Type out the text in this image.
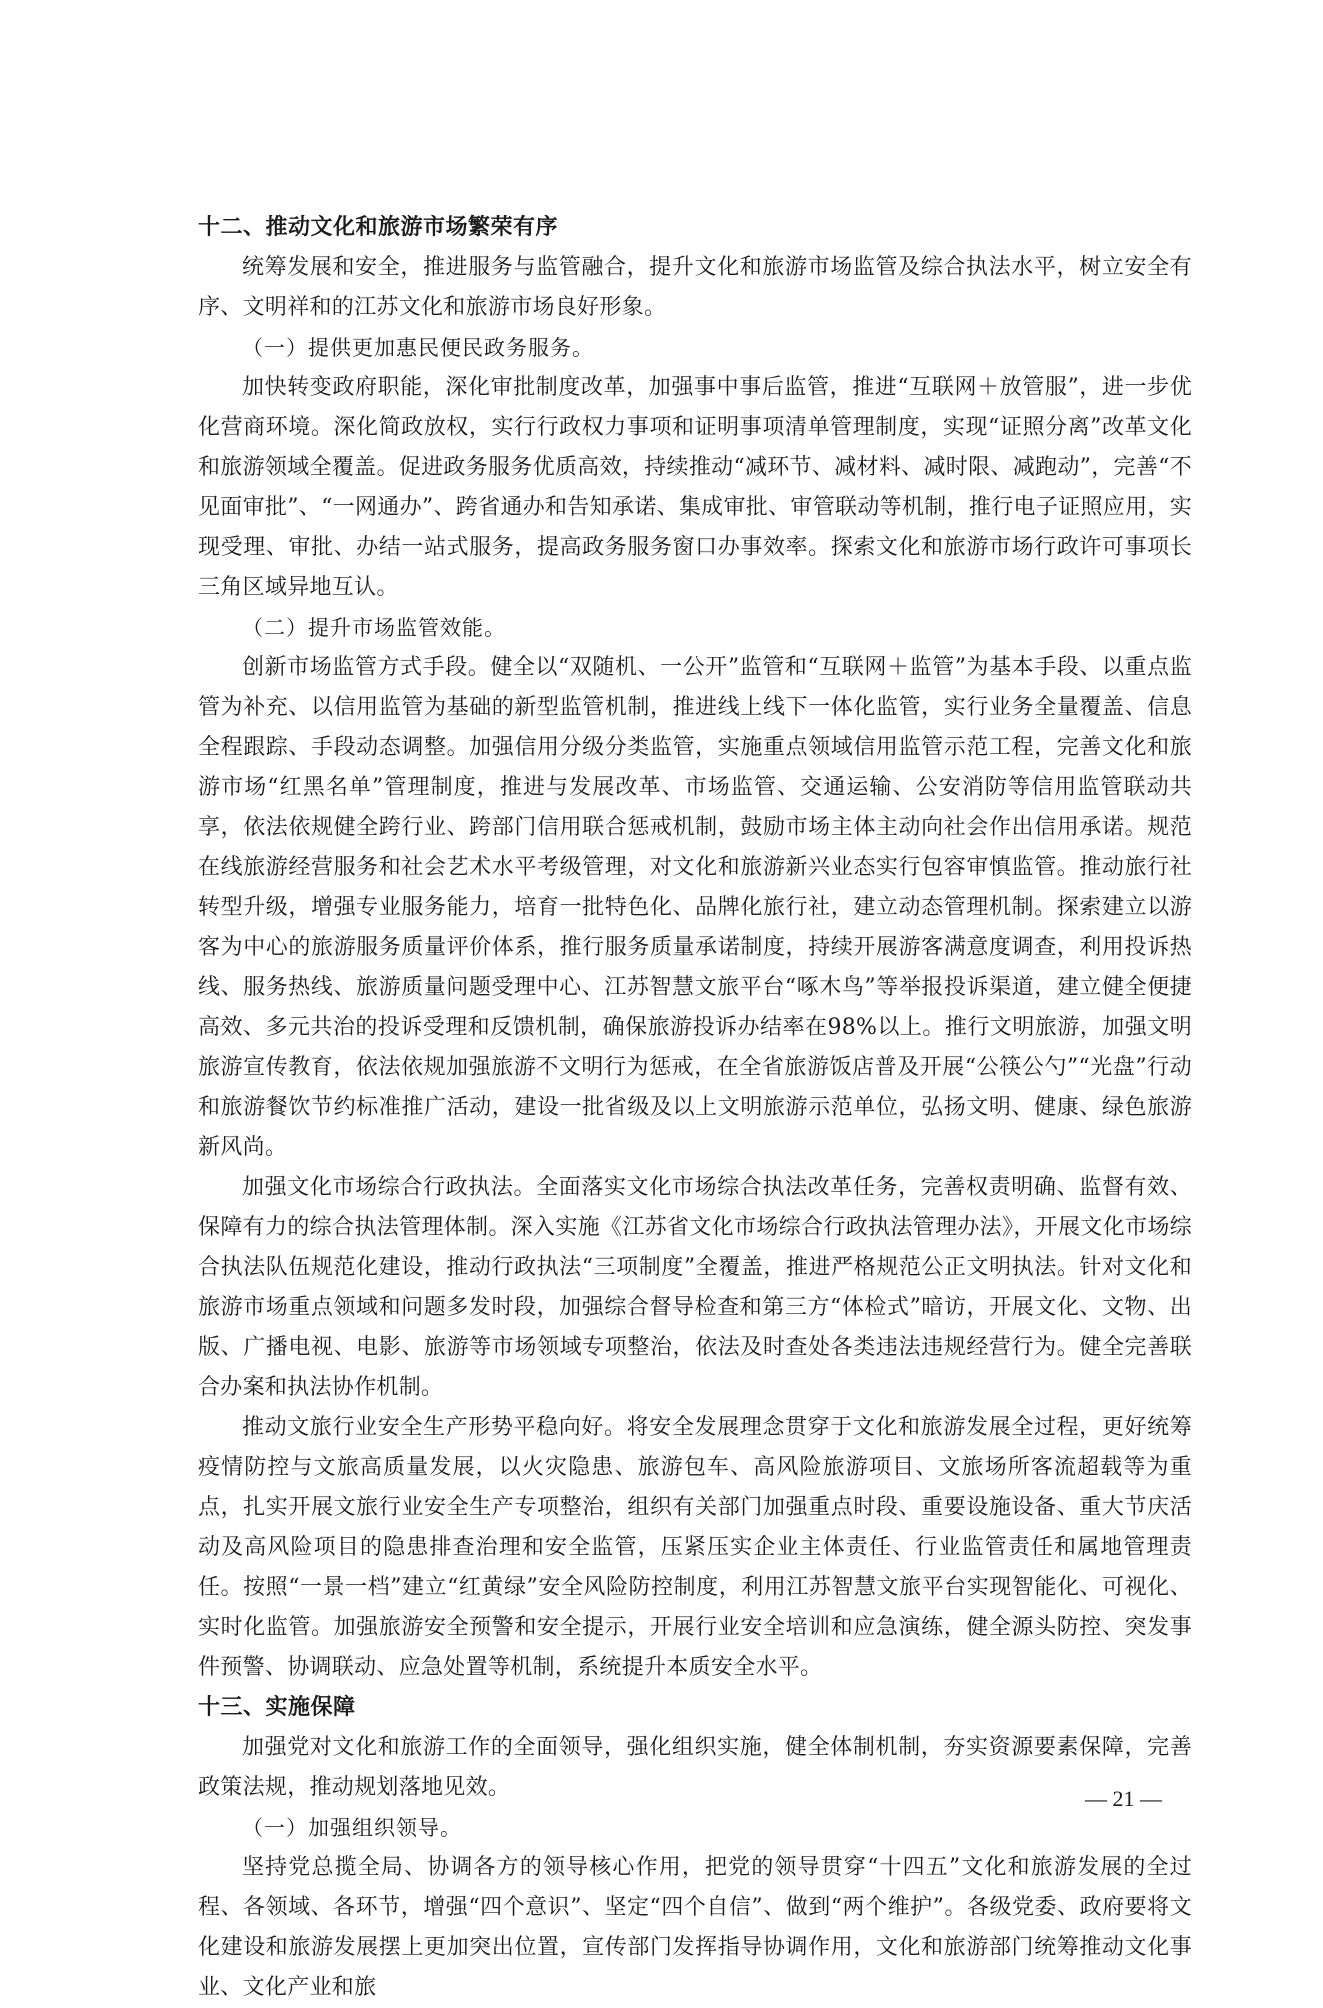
十二、推动文化和旅游市场繁荣有序

统筹发展和安全，推进服务与监管融合，提升文化和旅游市场监管及综合执法水平，树立安全有序、文明祥和的江苏文化和旅游市场良好形象。

（一）提供更加惠民便民政务服务。

加快转变政府职能，深化审批制度改革，加强事中事后监管，推进“互联网＋放管服”，进一步优化营商环境。深化简政放权，实行行政权力事项和证明事项清单管理制度，实现“证照分离”改革文化和旅游领域全覆盖。促进政务服务优质高效，持续推动“减环节、减材料、减时限、减跑动”，完善“不见面审批”、“一网通办”、跨省通办和告知承诺、集成审批、审管联动等机制，推行电子证照应用，实现受理、审批、办结一站式服务，提高政务服务窗口办事效率。探索文化和旅游市场行政许可事项长三角区域异地互认。

（二）提升市场监管效能。

创新市场监管方式手段。健全以“双随机、一公开”监管和“互联网＋监管”为基本手段、以重点监管为补充、以信用监管为基础的新型监管机制，推进线上线下一体化监管，实行业务全量覆盖、信息全程跟踪、手段动态调整。加强信用分级分类监管，实施重点领域信用监管示范工程，完善文化和旅游市场“红黑名单”管理制度，推进与发展改革、市场监管、交通运输、公安消防等信用监管联动共享，依法依规健全跨行业、跨部门信用联合惩戒机制，鼓励市场主体主动向社会作出信用承诺。规范在线旅游经营服务和社会艺术水平考级管理，对文化和旅游新兴业态实行包容审慎监管。推动旅行社转型升级，增强专业服务能力，培育一批特色化、品牌化旅行社，建立动态管理机制。探索建立以游客为中心的旅游服务质量评价体系，推行服务质量承诺制度，持续开展游客满意度调查，利用投诉热线、服务热线、旅游质量问题受理中心、江苏智慧文旅平台“啄木鸟”等举报投诉渠道，建立健全便捷高效、多元共治的投诉受理和反馈机制，确保旅游投诉办结率在98%以上。推行文明旅游，加强文明旅游宣传教育，依法依规加强旅游不文明行为惩戒，在全省旅游饭店普及开展“公筷公勺”“光盘”行动和旅游餐饮节约标准推广活动，建设一批省级及以上文明旅游示范单位，弘扬文明、健康、绿色旅游新风尚。

加强文化市场综合行政执法。全面落实文化市场综合执法改革任务，完善权责明确、监督有效、保障有力的综合执法管理体制。深入实施《江苏省文化市场综合行政执法管理办法》，开展文化市场综合执法队伍规范化建设，推动行政执法“三项制度”全覆盖，推进严格规范公正文明执法。针对文化和旅游市场重点领域和问题多发时段，加强综合督导检查和第三方“体检式”暗访，开展文化、文物、出版、广播电视、电影、旅游等市场领域专项整治，依法及时查处各类违法违规经营行为。健全完善联合办案和执法协作机制。

推动文旅行业安全生产形势平稳向好。将安全发展理念贯穿于文化和旅游发展全过程，更好统筹疫情防控与文旅高质量发展，以火灾隐患、旅游包车、高风险旅游项目、文旅场所客流超载等为重点，扎实开展文旅行业安全生产专项整治，组织有关部门加强重点时段、重要设施设备、重大节庆活动及高风险项目的隐患排查治理和安全监管，压紧压实企业主体责任、行业监管责任和属地管理责任。按照“一景一档”建立“红黄绿”安全风险防控制度，利用江苏智慧文旅平台实现智能化、可视化、实时化监管。加强旅游安全预警和安全提示，开展行业安全培训和应急演练，健全源头防控、突发事件预警、协调联动、应急处置等机制，系统提升本质安全水平。

十三、实施保障

加强党对文化和旅游工作的全面领导，强化组织实施，健全体制机制，夯实资源要素保障，完善政策法规，推动规划落地见效。

（一）加强组织领导。

坚持党总揽全局、协调各方的领导核心作用，把党的领导贯穿“十四五”文化和旅游发展的全过程、各领域、各环节，增强“四个意识”、坚定“四个自信”、做到“两个维护”。各级党委、政府要将文化建设和旅游发展摆上更加突出位置，宣传部门发挥指导协调作用，文化和旅游部门统筹推动文化事业、文化产业和旅

— 21 —
